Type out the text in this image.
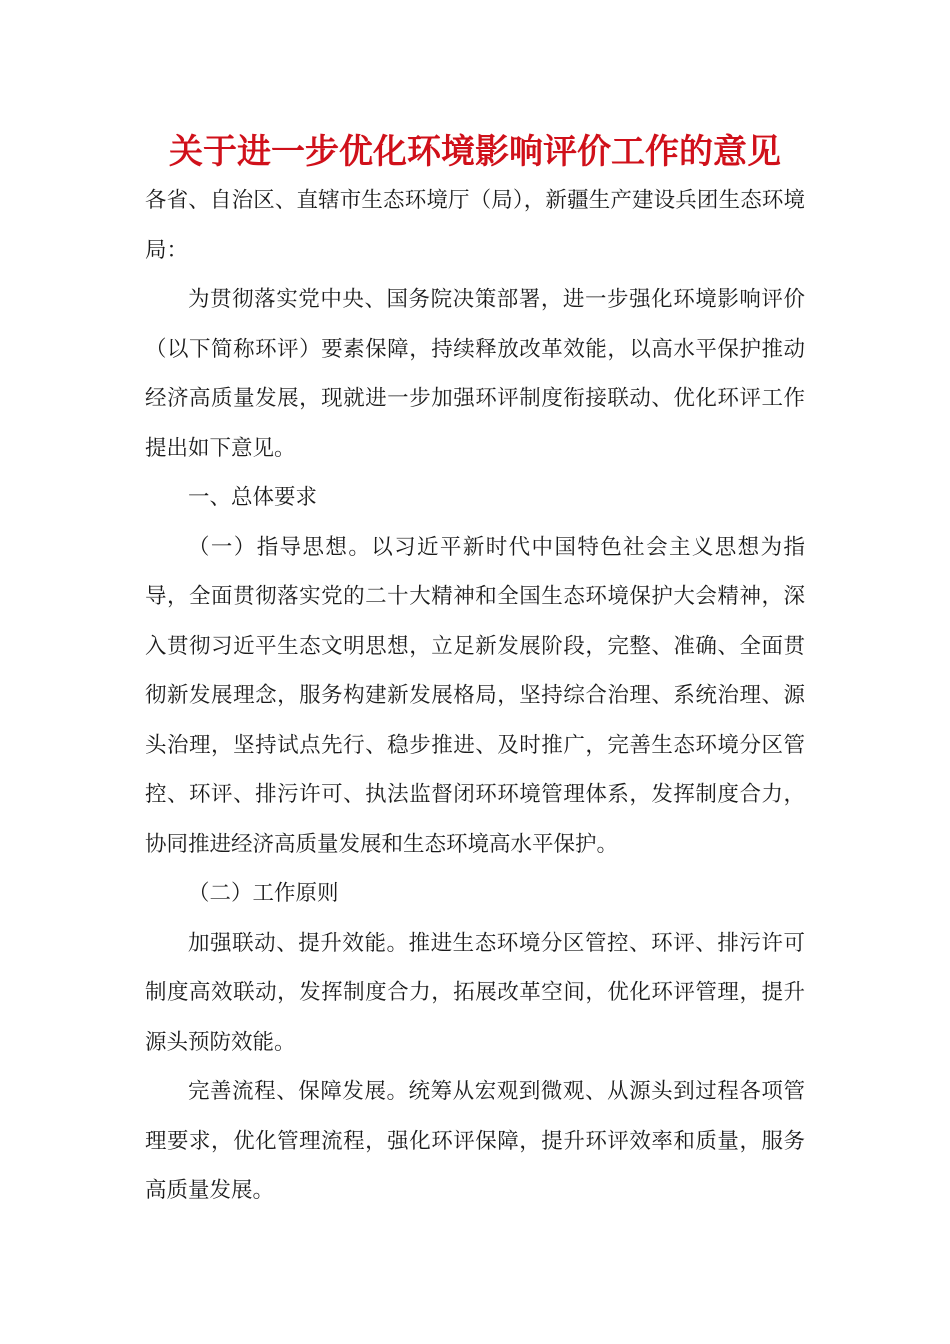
关于进一步优化环境影响评价工作的意见

各省、自治区、直辖市生态环境厅（局），新疆生产建设兵团生态环境局：

为贯彻落实党中央、国务院决策部署，进一步强化环境影响评价（以下简称环评）要素保障，持续释放改革效能，以高水平保护推动经济高质量发展，现就进一步加强环评制度衔接联动、优化环评工作提出如下意见。

一、总体要求

（一）指导思想。以习近平新时代中国特色社会主义思想为指导，全面贯彻落实党的二十大精神和全国生态环境保护大会精神，深入贯彻习近平生态文明思想，立足新发展阶段，完整、准确、全面贯彻新发展理念，服务构建新发展格局，坚持综合治理、系统治理、源头治理，坚持试点先行、稳步推进、及时推广，完善生态环境分区管控、环评、排污许可、执法监督闭环环境管理体系，发挥制度合力，协同推进经济高质量发展和生态环境高水平保护。

（二）工作原则

加强联动、提升效能。推进生态环境分区管控、环评、排污许可制度高效联动，发挥制度合力，拓展改革空间，优化环评管理，提升源头预防效能。

完善流程、保障发展。统筹从宏观到微观、从源头到过程各项管理要求，优化管理流程，强化环评保障，提升环评效率和质量，服务高质量发展。
